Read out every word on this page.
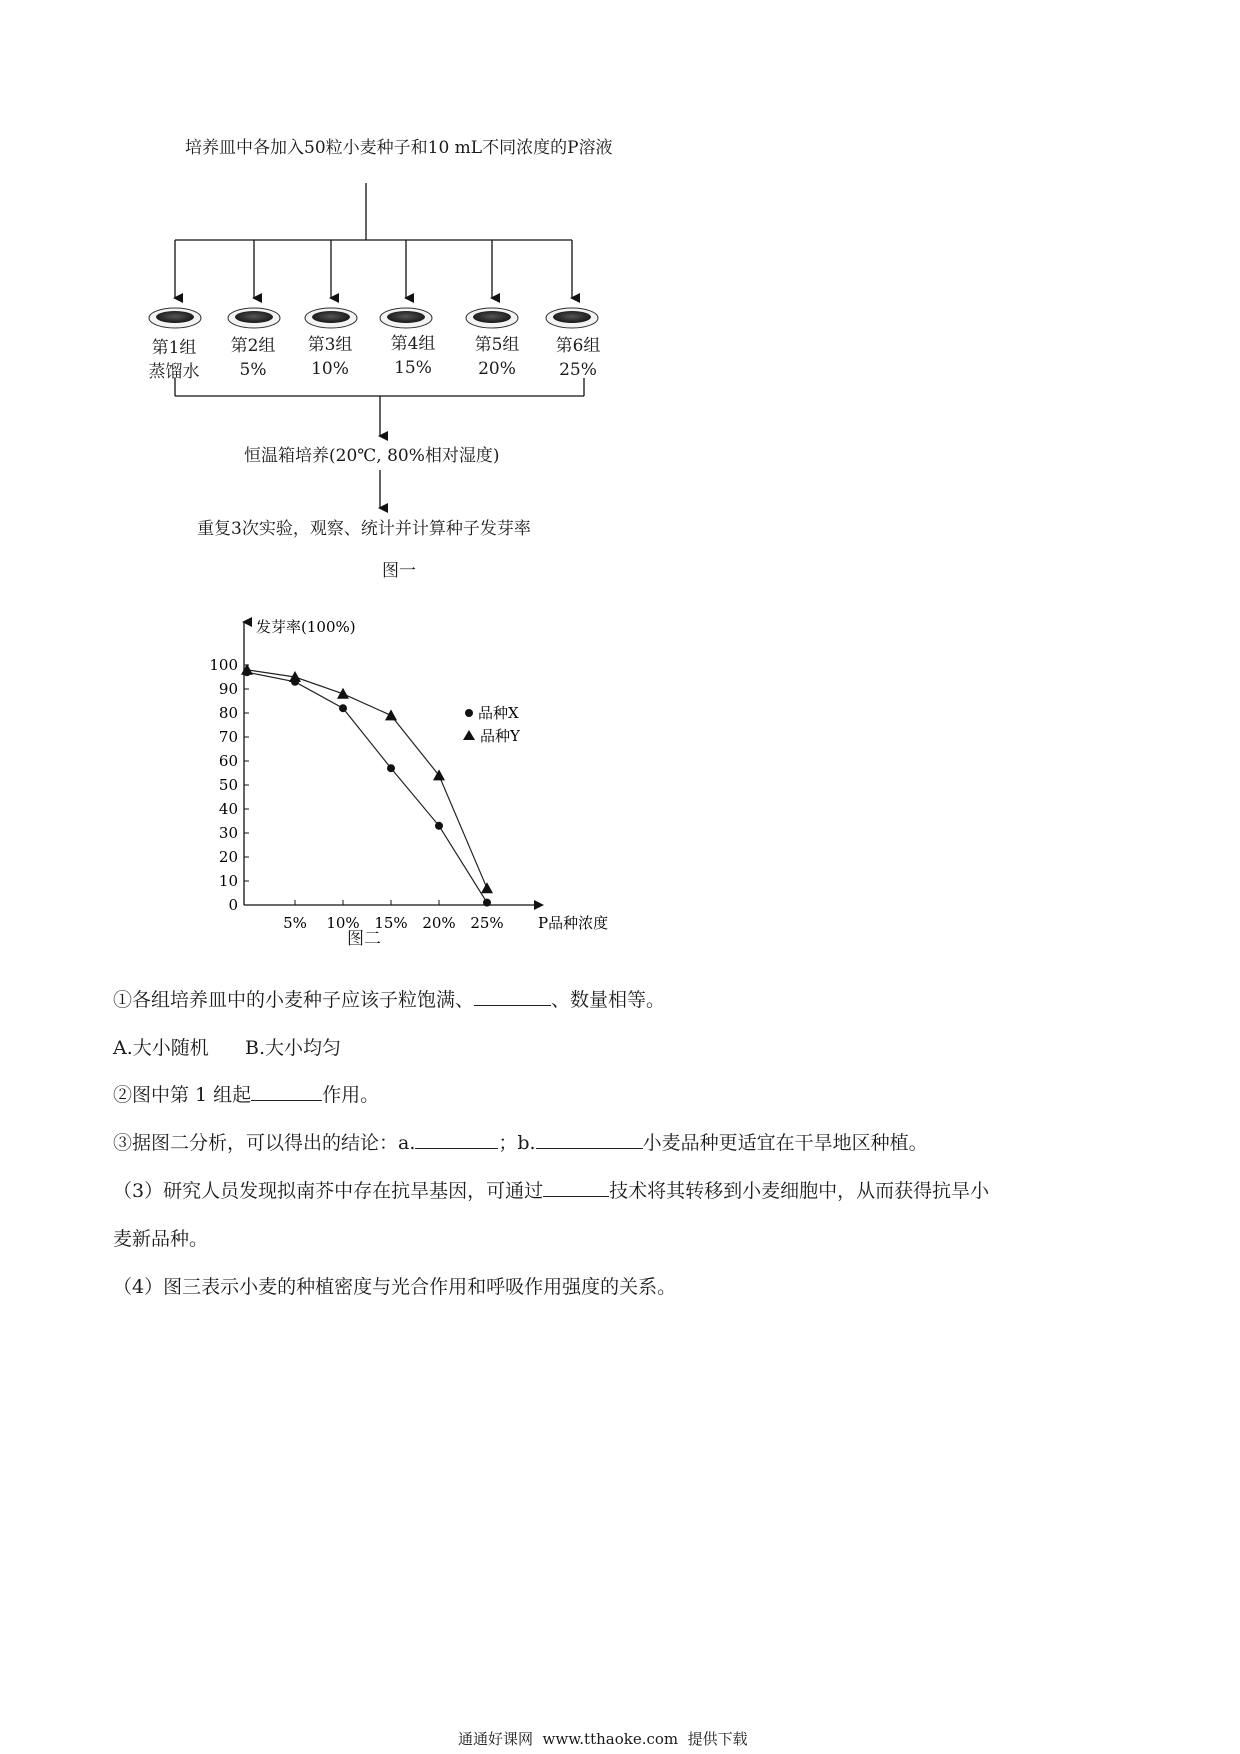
培养皿中各加入50粒小麦种子和10 mL不同浓度的P溶液
第1组
蒸馏水
第2组
5%
第3组
10%
第4组
15%
第5组
20%
第6组
25%
恒温箱培养(20℃, 80%相对湿度)
重复3次实验，观察、统计并计算种子发芽率
图一
发芽率(100%)
P品种浓度
0
10
20
30
40
50
60
70
80
90
100
5% 10% 15% 20% 25%
品种X
品种Y
图二
①各组培养皿中的小麦种子应该子粒饱满、	、数量相等。
A.大小随机      B.大小均匀
②图中第 1 组起	作用。
③据图二分析，可以得出的结论：a.	；b.	小麦品种更适宜在干旱地区种植。
（3）研究人员发现拟南芥中存在抗旱基因，可通过	技术将其转移到小麦细胞中，从而获得抗旱小
麦新品种。
（4）图三表示小麦的种植密度与光合作用和呼吸作用强度的关系。
通通好课网  www.tthaoke.com  提供下载
